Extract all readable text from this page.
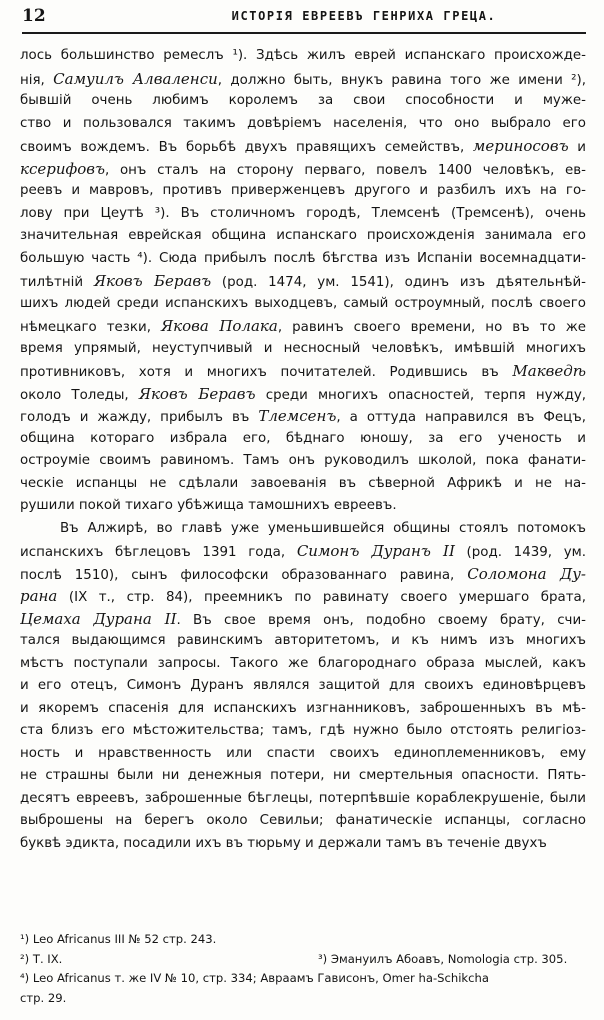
12	ИСТОРІЯ ЕВРЕЕВЪ ГЕНРИХА ГРЕЦА.
лось большинство ремеслъ ¹). Здѣсь жилъ еврей испанскаго происхожде-
нія, Самуилъ Алваленси, должно быть, внукъ равина того же имени ²),
бывшій очень любимъ королемъ за свои способности и муже-
ство и пользовался такимъ довѣріемъ населенія, что оно выбрало его
своимъ вождемъ. Въ борьбѣ двухъ правящихъ семействъ, мериносовъ и
ксерифовъ, онъ сталъ на сторону перваго, повелъ 1400 человѣкъ, ев-
реевъ и мавровъ, противъ приверженцевъ другого и разбилъ ихъ на го-
лову при Цеутѣ ³). Въ столичномъ городѣ, Тлемсенѣ (Тремсенѣ), очень
значительная еврейская община испанскаго происхожденія занимала его
большую часть ⁴). Сюда прибылъ послѣ бѣгства изъ Испаніи восемнадцати-
тилѣтній Яковъ Беравъ (род. 1474, ум. 1541), одинъ изъ дѣятельнѣй-
шихъ людей среди испанскихъ выходцевъ, самый остроумный, послѣ своего
нѣмецкаго тезки, Якова Полака, равинъ своего времени, но въ то же
время упрямый, неуступчивый и несносный человѣкъ, имѣвшій многихъ
противниковъ, хотя и многихъ почитателей. Родившись въ Макведѣ
около Толеды, Яковъ Беравъ среди многихъ опасностей, терпя нужду,
голодъ и жажду, прибылъ въ Тлемсенъ, а оттуда направился въ Фецъ,
община котораго избрала его, бѣднаго юношу, за его ученость и
остроуміе своимъ равиномъ. Тамъ онъ руководилъ школой, пока фанати-
ческіе испанцы не сдѣлали завоеванія въ сѣверной Африкѣ и не на-
рушили покой тихаго убѣжища тамошнихъ евреевъ.
Въ Алжирѣ, во главѣ уже уменьшившейся общины стоялъ потомокъ
испанскихъ бѣглецовъ 1391 года, Симонъ Дуранъ II (род. 1439, ум.
послѣ 1510), сынъ философски образованнаго равина, Соломона Ду-
рана (IX т., стр. 84), преемникъ по равинату своего умершаго брата,
Цемаха Дурана II. Въ свое время онъ, подобно своему брату, счи-
тался выдающимся равинскимъ авторитетомъ, и къ нимъ изъ многихъ
мѣстъ поступали запросы. Такого же благороднаго образа мыслей, какъ
и его отецъ, Симонъ Дуранъ являлся защитой для своихъ единовѣрцевъ
и якоремъ спасенія для испанскихъ изгнанниковъ, заброшенныхъ въ мѣ-
ста близъ его мѣстожительства; тамъ, гдѣ нужно было отстоять религіоз-
ность и нравственность или спасти своихъ единоплеменниковъ, ему
не страшны были ни денежныя потери, ни смертельныя опасности. Пять-
десятъ евреевъ, заброшенные бѣглецы, потерпѣвшіе кораблекрушеніе, были
выброшены на берегъ около Севильи; фанатическіе испанцы, согласно
буквѣ эдикта, посадили ихъ въ тюрьму и держали тамъ въ теченіе двухъ
¹) Leo Africanus III № 52 стр. 243.
²) Т. IX.	³) Эмануилъ Абоавъ, Nomologia стр. 305.
⁴) Leo Africanus т. же IV № 10, стр. 334; Авраамъ Гависонъ, Omer ha-Schikcha
стр. 29.
